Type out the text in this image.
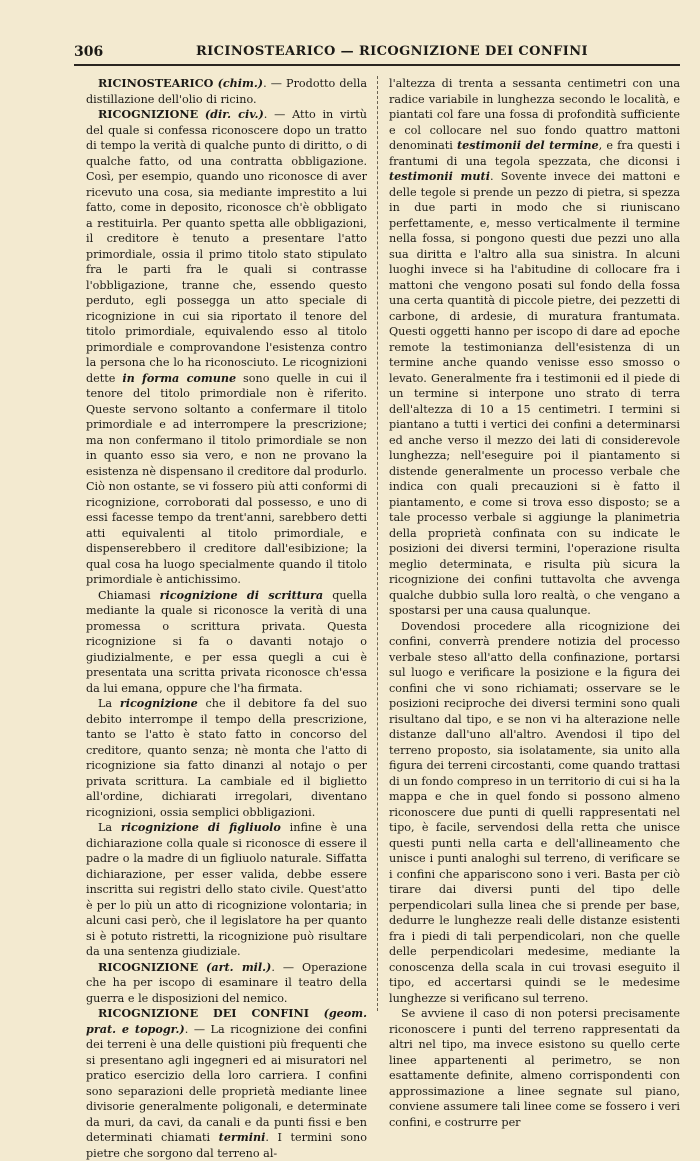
306	RICINOSTEARICO — RICOGNIZIONE DEI CONFINI

RICINOSTEARICO (chim.). — Prodotto della distillazione dell'olio di ricino.

RICOGNIZIONE (dir. civ.). — Atto in virtù del quale si confessa riconoscere dopo un tratto di tempo la verità di qualche punto di diritto, o di qualche fatto, od una contratta obbligazione. Così, per esempio, quando uno riconosce di aver ricevuto una cosa, sia mediante imprestito a lui fatto, come in deposito, riconosce ch'è obbligato a restituirla. Per quanto spetta alle obbligazioni, il creditore è tenuto a presentare l'atto primordiale, ossia il primo titolo stato stipulato fra le parti fra le quali si contrasse l'obbligazione, tranne che, essendo questo perduto, egli possegga un atto speciale di ricognizione in cui sia riportato il tenore del titolo primordiale, equivalendo esso al titolo primordiale e comprovandone l'esistenza contro la persona che lo ha riconosciuto. Le ricognizioni dette in forma comune sono quelle in cui il tenore del titolo primordiale non è riferito. Queste servono soltanto a confermare il titolo primordiale e ad interrompere la prescrizione; ma non confermano il titolo primordiale se non in quanto esso sia vero, e non ne provano la esistenza nè dispensano il creditore dal produrlo. Ciò non ostante, se vi fossero più atti conformi di ricognizione, corroborati dal possesso, e uno di essi facesse tempo da trent'anni, sarebbero detti atti equivalenti al titolo primordiale, e dispenserebbero il creditore dall'esibizione; la qual cosa ha luogo specialmente quando il titolo primordiale è antichissimo.

Chiamasi ricognizione di scrittura quella mediante la quale si riconosce la verità di una promessa o scrittura privata. Questa ricognizione si fa o davanti notajo o giudizialmente, e per essa quegli a cui è presentata una scritta privata riconosce ch'essa da lui emana, oppure che l'ha firmata.

La ricognizione che il debitore fa del suo debito interrompe il tempo della prescrizione, tanto se l'atto è stato fatto in concorso del creditore, quanto senza; nè monta che l'atto di ricognizione sia fatto dinanzi al notajo o per privata scrittura. La cambiale ed il biglietto all'ordine, dichiarati irregolari, diventano ricognizioni, ossia semplici obbligazioni.

La ricognizione di figliuolo infine è una dichiarazione colla quale si riconosce di essere il padre o la madre di un figliuolo naturale. Siffatta dichiarazione, per esser valida, debbe essere inscritta sui registri dello stato civile. Quest'atto è per lo più un atto di ricognizione volontaria; in alcuni casi però, che il legislatore ha per quanto si è potuto ristretti, la ricognizione può risultare da una sentenza giudiziale.

RICOGNIZIONE (art. mil.). — Operazione che ha per iscopo di esaminare il teatro della guerra e le disposizioni del nemico.

RICOGNIZIONE DEI CONFINI (geom. prat. e topogr.). — La ricognizione dei confini dei terreni è una delle quistioni più frequenti che si presentano agli ingegneri ed ai misuratori nel pratico esercizio della loro carriera. I confini sono separazioni delle proprietà mediante linee divisorie generalmente poligonali, e determinate da muri, da cavi, da canali e da punti fissi e ben determinati chiamati termini. I termini sono pietre che sorgono dal terreno al-

l'altezza di trenta a sessanta centimetri con una radice variabile in lunghezza secondo le località, e piantati col fare una fossa di profondità sufficiente e col collocare nel suo fondo quattro mattoni denominati testimonii del termine, e fra questi i frantumi di una tegola spezzata, che diconsi i testimonii muti. Sovente invece dei mattoni e delle tegole si prende un pezzo di pietra, si spezza in due parti in modo che si riuniscano perfettamente, e, messo verticalmente il termine nella fossa, si pongono questi due pezzi uno alla sua diritta e l'altro alla sua sinistra. In alcuni luoghi invece si ha l'abitudine di collocare fra i mattoni che vengono posati sul fondo della fossa una certa quantità di piccole pietre, dei pezzetti di carbone, di ardesie, di muratura frantumata. Questi oggetti hanno per iscopo di dare ad epoche remote la testimonianza dell'esistenza di un termine anche quando venisse esso smosso o levato. Generalmente fra i testimonii ed il piede di un termine si interpone uno strato di terra dell'altezza di 10 a 15 centimetri. I termini si piantano a tutti i vertici dei confini a determinarsi ed anche verso il mezzo dei lati di considerevole lunghezza; nell'eseguire poi il piantamento si distende generalmente un processo verbale che indica con quali precauzioni si è fatto il piantamento, e come si trova esso disposto; se a tale processo verbale si aggiunge la planimetria della proprietà confinata con su indicate le posizioni dei diversi termini, l'operazione risulta meglio determinata, e risulta più sicura la ricognizione dei confini tuttavolta che avvenga qualche dubbio sulla loro realtà, o che vengano a spostarsi per una causa qualunque.

Dovendosi procedere alla ricognizione dei confini, converrà prendere notizia del processo verbale steso all'atto della confinazione, portarsi sul luogo e verificare la posizione e la figura dei confini che vi sono richiamati; osservare se le posizioni reciproche dei diversi termini sono quali risultano dal tipo, e se non vi ha alterazione nelle distanze dall'uno all'altro. Avendosi il tipo del terreno proposto, sia isolatamente, sia unito alla figura dei terreni circostanti, come quando trattasi di un fondo compreso in un territorio di cui si ha la mappa e che in quel fondo si possono almeno riconoscere due punti di quelli rappresentati nel tipo, è facile, servendosi della retta che unisce questi punti nella carta e dell'allineamento che unisce i punti analoghi sul terreno, di verificare se i confini che appariscono sono i veri. Basta per ciò tirare dai diversi punti del tipo delle perpendicolari sulla linea che si prende per base, dedurre le lunghezze reali delle distanze esistenti fra i piedi di tali perpendicolari, non che quelle delle perpendicolari medesime, mediante la conoscenza della scala in cui trovasi eseguito il tipo, ed accertarsi quindi se le medesime lunghezze si verificano sul terreno.

Se avviene il caso di non potersi precisamente riconoscere i punti del terreno rappresentati da altri nel tipo, ma invece esistono su quello certe linee appartenenti al perimetro, se non esattamente definite, almeno corrispondenti con approssimazione a linee segnate sul piano, conviene assumere tali linee come se fossero i veri confini, e costrurre per
